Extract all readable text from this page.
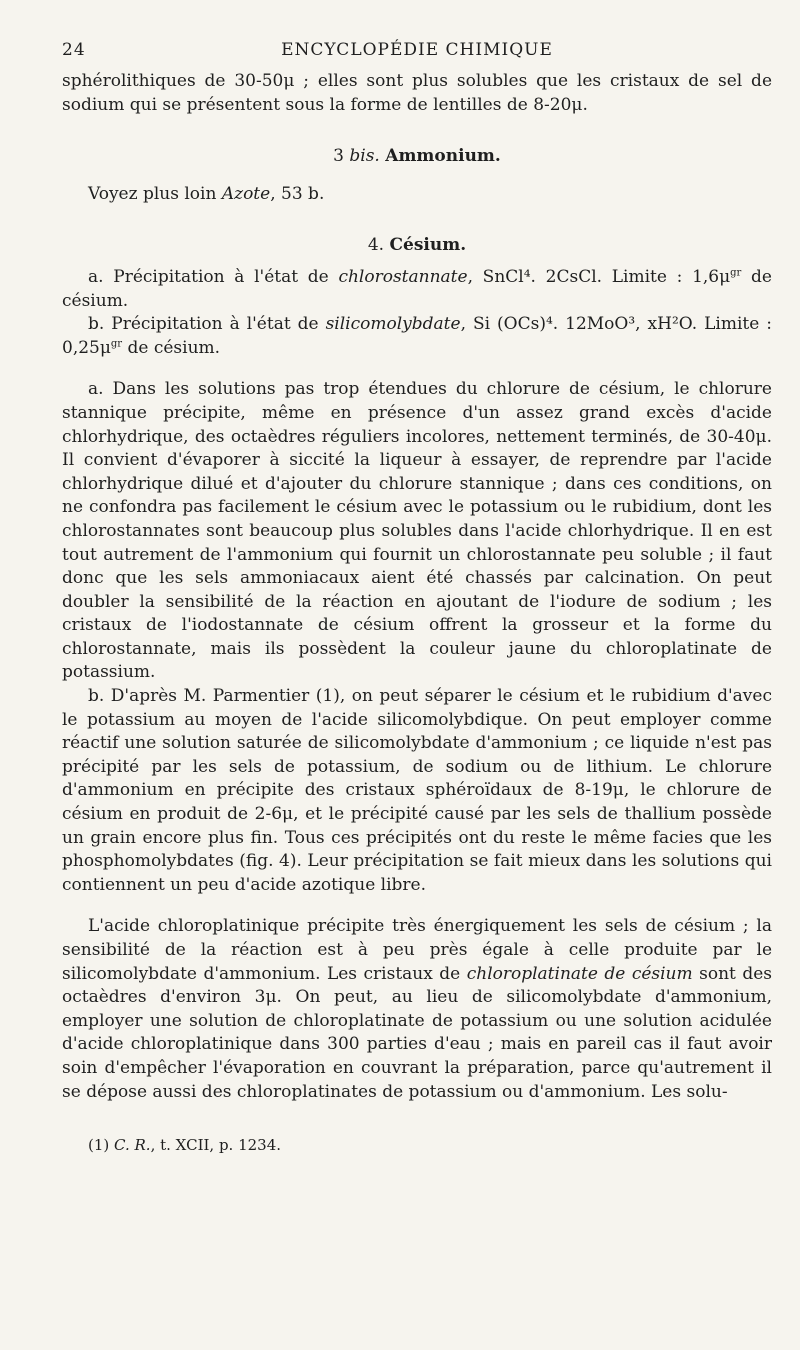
24	ENCYCLOPÉDIE CHIMIQUE

sphérolithiques de 30-50μ ; elles sont plus solubles que les cristaux de sel de sodium qui se présentent sous la forme de lentilles de 8-20μ.

3 bis. Ammonium.

Voyez plus loin Azote, 53 b.

4. Césium.

a. Précipitation à l'état de chlorostannate, SnCl⁴. 2CsCl. Limite : $1,6\mu^{gr}$ de césium.

b. Précipitation à l'état de silicomolybdate, Si (OCs)⁴. 12MoO³, xH²O. Limite : $0,25\mu^{gr}$ de césium.

a. Dans les solutions pas trop étendues du chlorure de césium, le chlorure stannique précipite, même en présence d'un assez grand excès d'acide chlorhydrique, des octaèdres réguliers incolores, nettement terminés, de 30-40μ. Il convient d'évaporer à siccité la liqueur à essayer, de reprendre par l'acide chlorhydrique dilué et d'ajouter du chlorure stannique ; dans ces conditions, on ne confondra pas facilement le césium avec le potassium ou le rubidium, dont les chlorostannates sont beaucoup plus solubles dans l'acide chlorhydrique. Il en est tout autrement de l'ammonium qui fournit un chlorostannate peu soluble ; il faut donc que les sels ammoniacaux aient été chassés par calcination. On peut doubler la sensibilité de la réaction en ajoutant de l'iodure de sodium ; les cristaux de l'iodostannate de césium offrent la grosseur et la forme du chlorostannate, mais ils possèdent la couleur jaune du chloroplatinate de potassium.

b. D'après M. Parmentier (1), on peut séparer le césium et le rubidium d'avec le potassium au moyen de l'acide silicomolybdique. On peut employer comme réactif une solution saturée de silicomolybdate d'ammonium ; ce liquide n'est pas précipité par les sels de potassium, de sodium ou de lithium. Le chlorure d'ammonium en précipite des cristaux sphéroïdaux de 8-19μ, le chlorure de césium en produit de 2-6μ, et le précipité causé par les sels de thallium possède un grain encore plus fin. Tous ces précipités ont du reste le même facies que les phosphomolybdates (fig. 4). Leur précipitation se fait mieux dans les solutions qui contiennent un peu d'acide azotique libre.

L'acide chloroplatinique précipite très énergiquement les sels de césium ; la sensibilité de la réaction est à peu près égale à celle produite par le silicomolybdate d'ammonium. Les cristaux de chloroplatinate de césium sont des octaèdres d'environ 3μ. On peut, au lieu de silicomolybdate d'ammonium, employer une solution de chloroplatinate de potassium ou une solution acidulée d'acide chloroplatinique dans 300 parties d'eau ; mais en pareil cas il faut avoir soin d'empêcher l'évaporation en couvrant la préparation, parce qu'autrement il se dépose aussi des chloroplatinates de potassium ou d'ammonium. Les solu-

(1) C. R., t. XCII, p. 1234.
